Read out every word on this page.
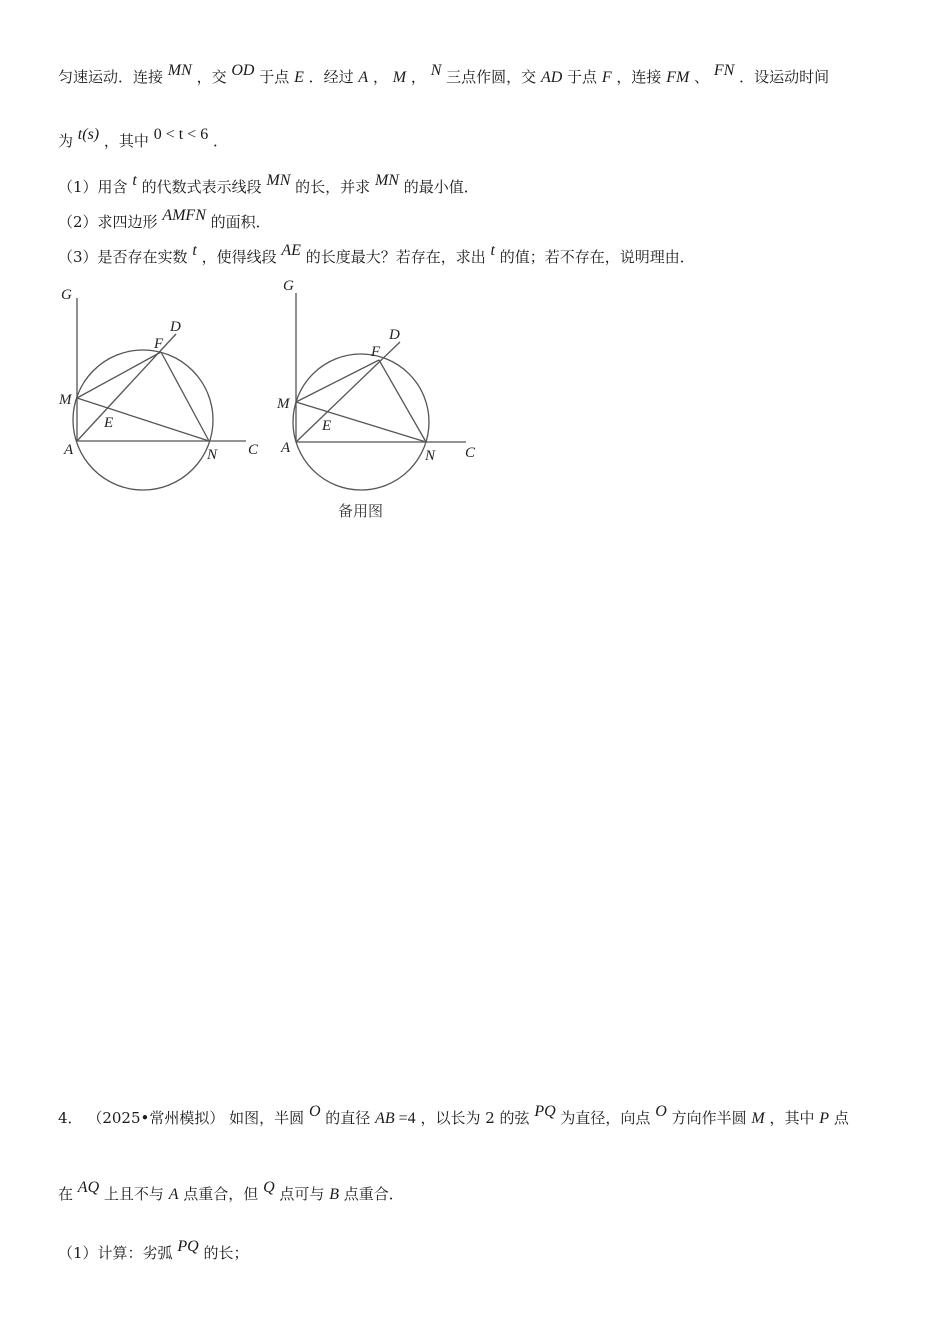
匀速运动．连接 MN ，交 OD 于点 E ．经过 A ， M ， N 三点作圆，交 AD 于点 F ，连接 FM 、 FN ．设运动时间
为 t(s) ，其中 0 < t < 6 ．
（1）用含 t 的代数式表示线段 MN 的长，并求 MN 的最小值．
（2）求四边形 AMFN 的面积．
（3）是否存在实数 t ，使得线段 AE 的长度最大？若存在，求出 t 的值；若不存在，说明理由．
G
D
F
M
E
A	N C
G
D
F
M
E
A	N C
备用图
4． （2025•常州模拟） 如图，半圆 O 的直径 AB =4 ，以长为 2 的弦 PQ 为直径，向点 O 方向作半圆 M ，其中 P 点
在 AQ 上且不与 A 点重合，但 Q 点可与 B 点重合．
（1）计算：劣弧 PQ 的长；
